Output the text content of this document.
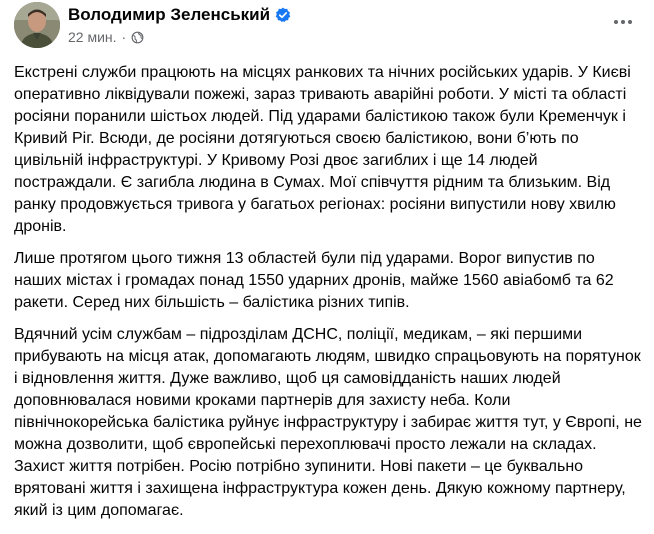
Володимир Зеленський
22 мин. ·

Екстрені служби працюють на місцях ранкових та нічних російських ударів. У Києві оперативно ліквідували пожежі, зараз тривають аварійні роботи. У місті та області росіяни поранили шістьох людей. Під ударами балістикою також були Кременчук і Кривий Ріг. Всюди, де росіяни дотягуються своєю балістикою, вони б’ють по цивільній інфраструктурі. У Кривому Розі двоє загиблих і ще 14 людей постраждали. Є загибла людина в Сумах. Мої співчуття рідним та близьким. Від ранку продовжується тривога у багатьох регіонах: росіяни випустили нову хвилю дронів.

Лише протягом цього тижня 13 областей були під ударами. Ворог випустив по наших містах і громадах понад 1550 ударних дронів, майже 1560 авіабомб та 62 ракети. Серед них більшість – балістика різних типів.

Вдячний усім службам – підрозділам ДСНС, поліції, медикам, – які першими прибувають на місця атак, допомагають людям, швидко спрацьовують на порятунок і відновлення життя. Дуже важливо, щоб ця самовідданість наших людей доповнювалася новими кроками партнерів для захисту неба. Коли північнокорейська балістика руйнує інфраструктуру і забирає життя тут, у Європі, не можна дозволити, щоб європейські перехоплювачі просто лежали на складах. Захист життя потрібен. Росію потрібно зупинити. Нові пакети – це буквально врятовані життя і захищена інфраструктура кожен день. Дякую кожному партнеру, який із цим допомагає.
